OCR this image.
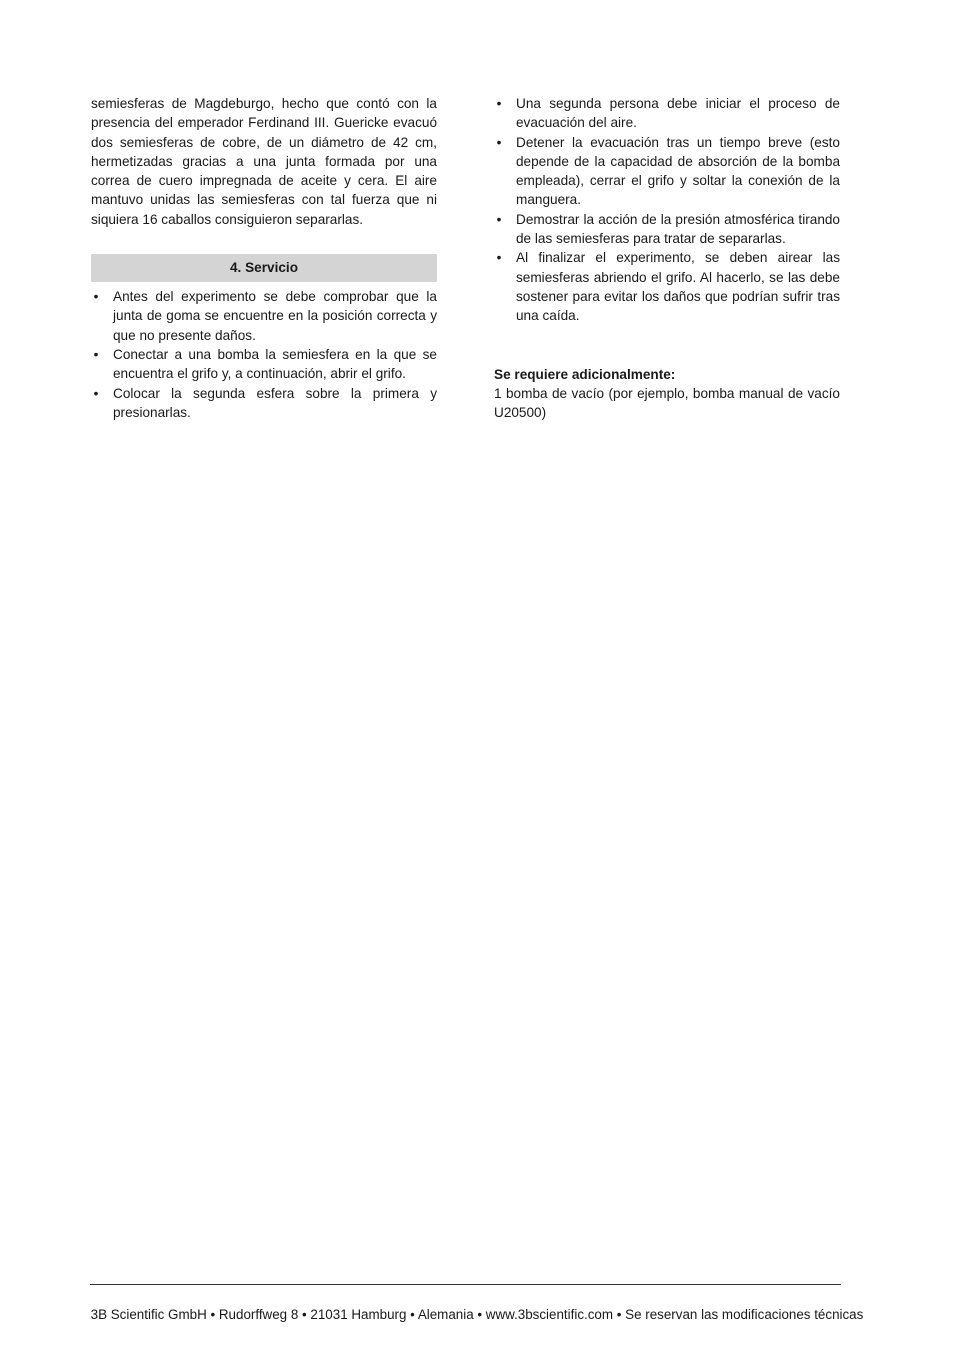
semiesferas de Magdeburgo, hecho que contó con la presencia del emperador Ferdinand III. Guericke evacuó dos semiesferas de cobre, de un diámetro de 42 cm, hermetizadas gracias a una junta formada por una correa de cuero impregnada de aceite y cera. El aire mantuvo unidas las semiesferas con tal fuerza que ni siquiera 16 caballos consiguieron separarlas.

4. Servicio
• Antes del experimento se debe comprobar que la junta de goma se encuentre en la posición correcta y que no presente daños.
• Conectar a una bomba la semiesfera en la que se encuentra el grifo y, a continuación, abrir el grifo.
• Colocar la segunda esfera sobre la primera y presionarlas.
• Una segunda persona debe iniciar el proceso de evacuación del aire.
• Detener la evacuación tras un tiempo breve (esto depende de la capacidad de absorción de la bomba empleada), cerrar el grifo y soltar la conexión de la manguera.
• Demostrar la acción de la presión atmosférica tirando de las semiesferas para tratar de separarlas.
• Al finalizar el experimento, se deben airear las semiesferas abriendo el grifo. Al hacerlo, se las debe sostener para evitar los daños que podrían sufrir tras una caída.
Se requiere adicionalmente:

1 bomba de vacío (por ejemplo, bomba manual de vacío U20500)

3B Scientific GmbH • Rudorffweg 8 • 21031 Hamburg • Alemania • www.3bscientific.com • Se reservan las modificaciones técnicas
